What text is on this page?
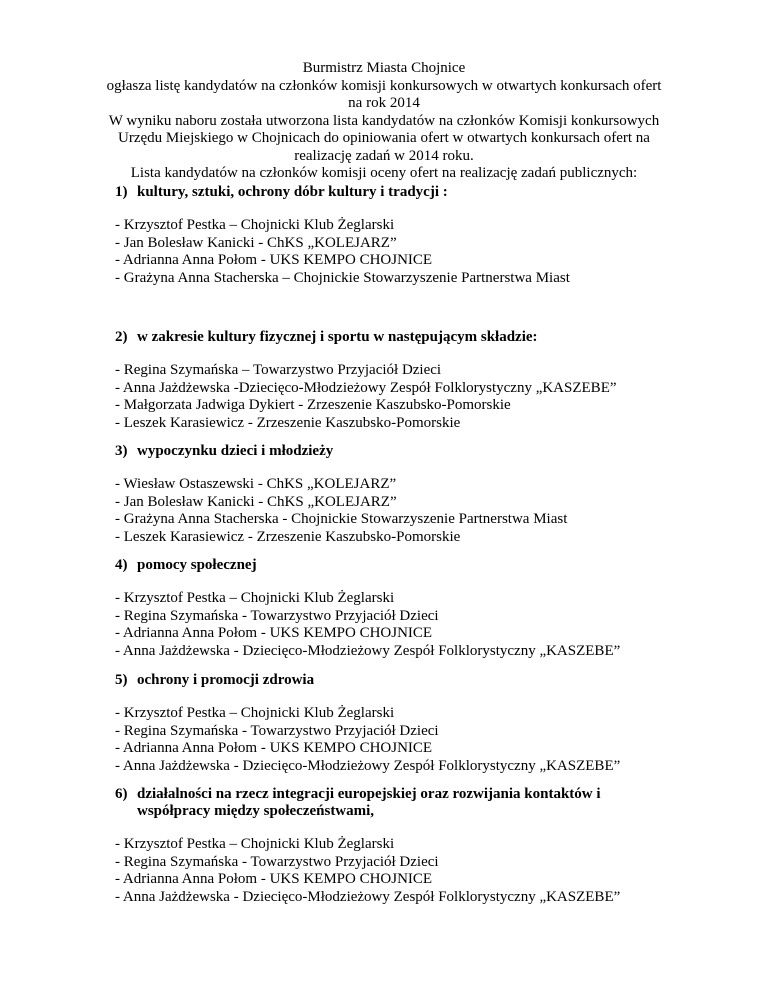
Burmistrz Miasta Chojnice
ogłasza listę kandydatów na członków komisji konkursowych w otwartych konkursach ofert
na rok 2014
W wyniku naboru została utworzona lista kandydatów na członków Komisji konkursowych
Urzędu Miejskiego w Chojnicach do opiniowania ofert w otwartych konkursach ofert na
realizację zadań w 2014 roku.
Lista kandydatów na członków komisji oceny ofert na realizację zadań publicznych:
1) kultury, sztuki, ochrony dóbr kultury i tradycji :
- Krzysztof Pestka – Chojnicki Klub Żeglarski
- Jan Bolesław Kanicki - ChKS „KOLEJARZ”
- Adrianna Anna Połom - UKS KEMPO CHOJNICE
- Grażyna Anna Stacherska – Chojnickie Stowarzyszenie Partnerstwa Miast
2) w zakresie kultury fizycznej i sportu w następującym składzie:
- Regina Szymańska – Towarzystwo Przyjaciół Dzieci
- Anna Jażdżewska -Dziecięco-Młodzieżowy Zespół Folklorystyczny „KASZEBE”
- Małgorzata Jadwiga Dykiert - Zrzeszenie Kaszubsko-Pomorskie
- Leszek Karasiewicz - Zrzeszenie Kaszubsko-Pomorskie
3) wypoczynku dzieci i młodzieży
- Wiesław Ostaszewski - ChKS „KOLEJARZ”
- Jan Bolesław Kanicki - ChKS „KOLEJARZ”
- Grażyna Anna Stacherska - Chojnickie Stowarzyszenie Partnerstwa Miast
- Leszek Karasiewicz - Zrzeszenie Kaszubsko-Pomorskie
4) pomocy społecznej
- Krzysztof Pestka – Chojnicki Klub Żeglarski
- Regina Szymańska - Towarzystwo Przyjaciół Dzieci
- Adrianna Anna Połom - UKS KEMPO CHOJNICE
- Anna Jażdżewska - Dziecięco-Młodzieżowy Zespół Folklorystyczny „KASZEBE”
5) ochrony i promocji zdrowia
- Krzysztof Pestka – Chojnicki Klub Żeglarski
- Regina Szymańska - Towarzystwo Przyjaciół Dzieci
- Adrianna Anna Połom - UKS KEMPO CHOJNICE
- Anna Jażdżewska - Dziecięco-Młodzieżowy Zespół Folklorystyczny „KASZEBE”
6) działalności na rzecz integracji europejskiej oraz rozwijania kontaktów i
współpracy między społeczeństwami,
- Krzysztof Pestka – Chojnicki Klub Żeglarski
- Regina Szymańska - Towarzystwo Przyjaciół Dzieci
- Adrianna Anna Połom - UKS KEMPO CHOJNICE
- Anna Jażdżewska - Dziecięco-Młodzieżowy Zespół Folklorystyczny „KASZEBE”
